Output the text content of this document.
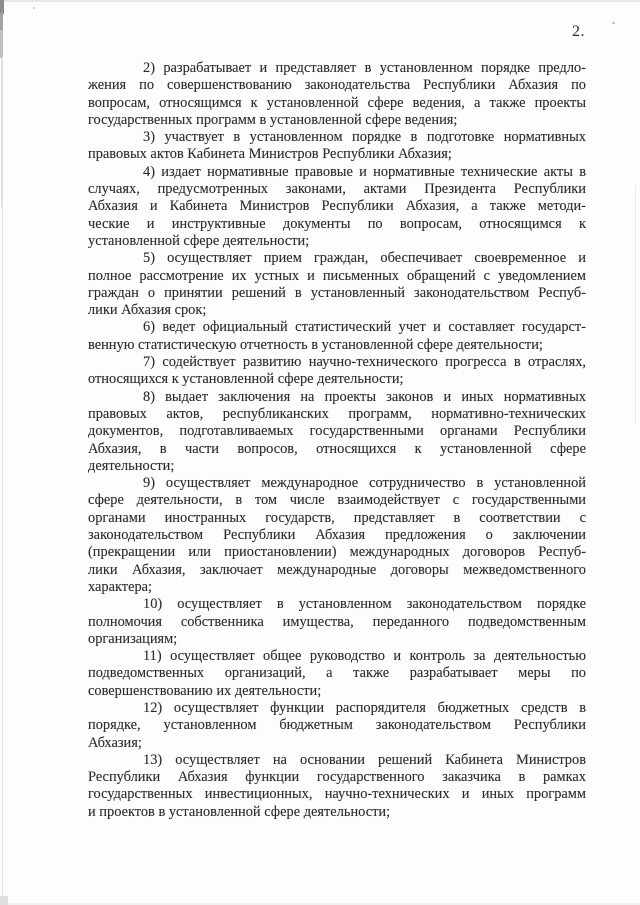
2.

2) разрабатывает и представляет в установленном порядке предло-
жения по совершенствованию законодательства Республики Абхазия по
вопросам, относящимся к установленной сфере ведения, а также проекты
государственных программ в установленной сфере ведения;

3) участвует в установленном порядке в подготовке нормативных
правовых актов Кабинета Министров Республики Абхазия;

4) издает нормативные правовые и нормативные технические акты в
случаях, предусмотренных законами, актами Президента Республики
Абхазия и Кабинета Министров Республики Абхазия, а также методи-
ческие и инструктивные документы по вопросам, относящимся к
установленной сфере деятельности;

5) осуществляет прием граждан, обеспечивает своевременное и
полное рассмотрение их устных и письменных обращений с уведомлением
граждан о принятии решений в установленный законодательством Респуб-
лики Абхазия срок;

6) ведет официальный статистический учет и составляет государст-
венную статистическую отчетность в установленной сфере деятельности;

7) содействует развитию научно-технического прогресса в отраслях,
относящихся к установленной сфере деятельности;

8) выдает заключения на проекты законов и иных нормативных
правовых актов, республиканских программ, нормативно-технических
документов, подготавливаемых государственными органами Республики
Абхазия, в части вопросов, относящихся к установленной сфере
деятельности;

9) осуществляет международное сотрудничество в установленной
сфере деятельности, в том числе взаимодействует с государственными
органами иностранных государств, представляет в соответствии с
законодательством Республики Абхазия предложения о заключении
(прекращении или приостановлении) международных договоров Респуб-
лики Абхазия, заключает международные договоры межведомственного
характера;

10) осуществляет в установленном законодательством порядке
полномочия собственника имущества, переданного подведомственным
организациям;

11) осуществляет общее руководство и контроль за деятельностью
подведомственных организаций, а также разрабатывает меры по
совершенствованию их деятельности;

12) осуществляет функции распорядителя бюджетных средств в
порядке, установленном бюджетным законодательством Республики
Абхазия;

13) осуществляет на основании решений Кабинета Министров
Республики Абхазия функции государственного заказчика в рамках
государственных инвестиционных, научно-технических и иных программ
и проектов в установленной сфере деятельности;
